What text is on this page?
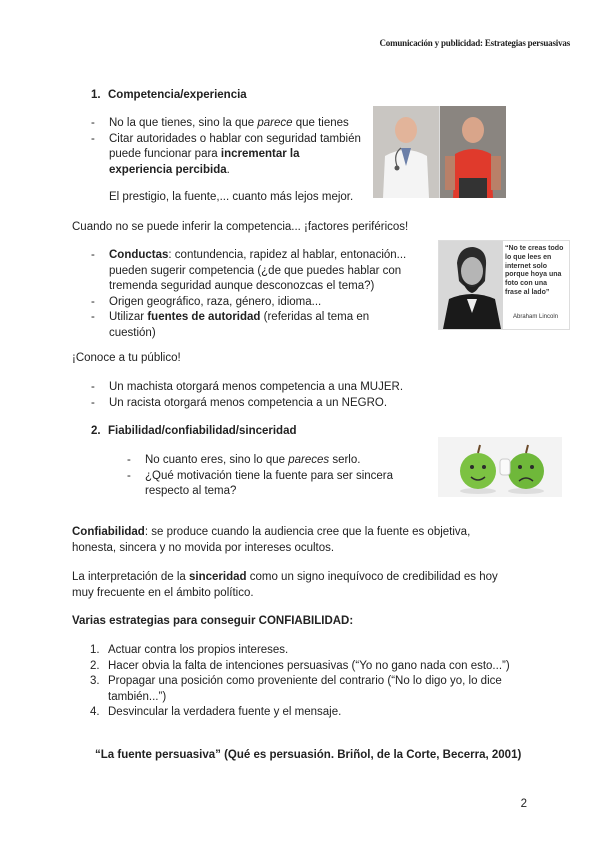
Comunicación y publicidad: Estrategias persuasivas
1. Competencia/experiencia
- No la que tienes, sino la que parece que tienes
- Citar autoridades o hablar con seguridad también puede funcionar para incrementar la experiencia percibida.

El prestigio, la fuente,... cuanto más lejos mejor.

Cuando no se puede inferir la competencia... ¡factores periféricos!

- Conductas: contundencia, rapidez al hablar, entonación... pueden sugerir competencia (¿de que puedes hablar con tremenda seguridad aunque desconozcas el tema?)
- Origen geográfico, raza, género, idioma...
- Utilizar fuentes de autoridad (referidas al tema en cuestión)
“No te creas todo lo que lees en internet solo porque hoya una foto con una frase al lado”
Abraham Lincoln

¡Conoce a tu público!

- Un machista otorgará menos competencia a una MUJER.
- Un racista otorgará menos competencia a un NEGRO.
2. Fiabilidad/confiabilidad/sinceridad
- No cuanto eres, sino lo que pareces serlo.
- ¿Qué motivación tiene la fuente para ser sincera respecto al tema?

Confiabilidad: se produce cuando la audiencia cree que la fuente es objetiva, honesta, sincera y no movida por intereses ocultos.

La interpretación de la sinceridad como un signo inequívoco de credibilidad es hoy muy frecuente en el ámbito político.

Varias estrategias para conseguir CONFIABILIDAD:

1. Actuar contra los propios intereses.
2. Hacer obvia la falta de intenciones persuasivas (“Yo no gano nada con esto...”)
3. Propagar una posición como proveniente del contrario (“No lo digo yo, lo dice también...”)
4. Desvincular la verdadera fuente y el mensaje.
“La fuente persuasiva” (Qué es persuasión. Briñol, de la Corte, Becerra, 2001)
2
